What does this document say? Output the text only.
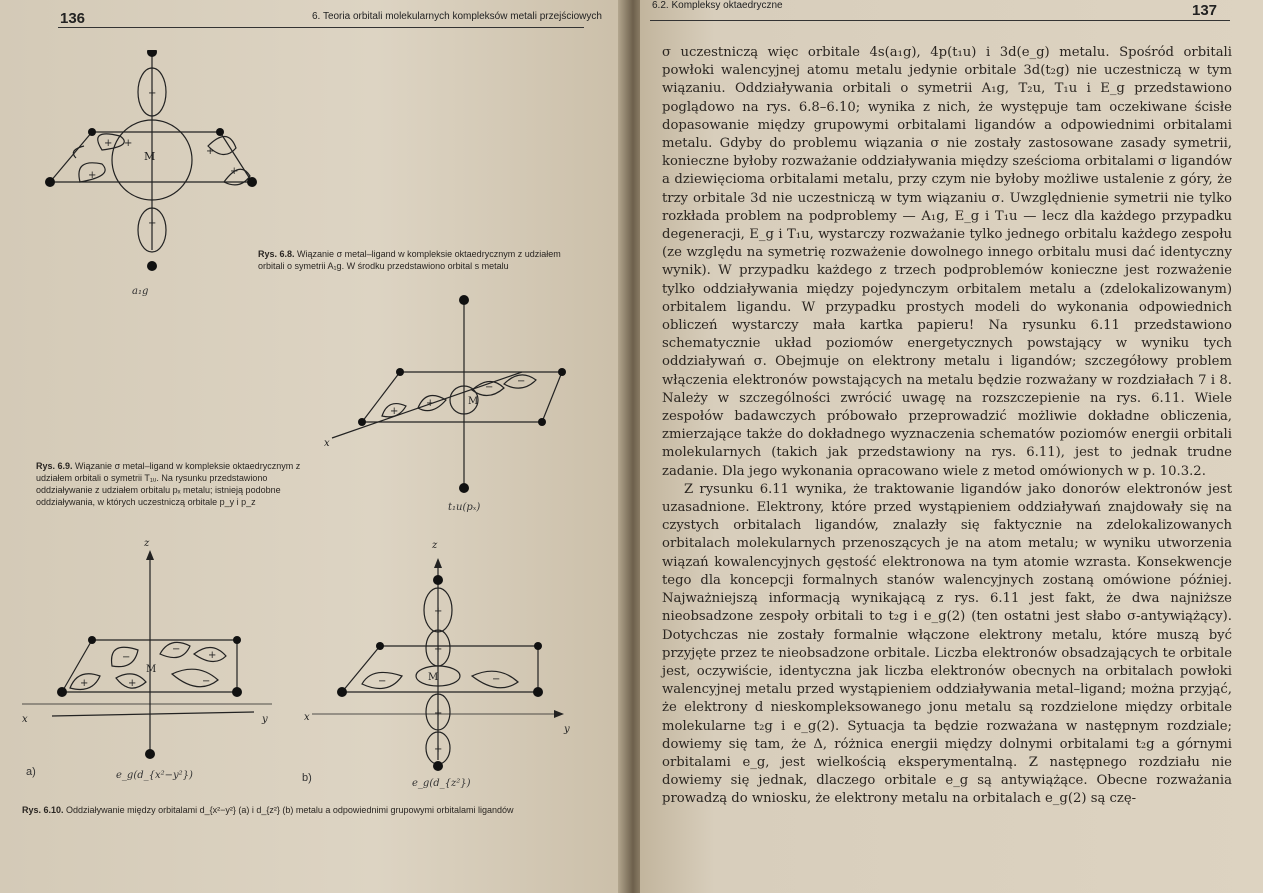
136	6. Teoria orbitali molekularnych kompleksów metali przejściowych
+
+
+
+
+
+	+
M
a₁g
Rys. 6.8. Wiązanie σ metal–ligand w kompleksie oktaedrycznym z udziałem orbitali o symetrii A₁g. W środku przedstawiono orbital s metalu
+
+
−
−
M
x
t₁u(pₓ)
Rys. 6.9. Wiązanie σ metal–ligand w kompleksie oktaedrycznym z udziałem orbitali o symetrii T₁ᵤ. Na rysunku przedstawiono oddziaływanie z udziałem orbitalu pₓ metalu; istnieją podobne oddziaływania, w których uczestniczą orbitale p_y i p_z
−
−
−
+
+
+
M
z
x	y
a)	e_g(d_{x²−y²})
+
+
+
+
−	−
M
z
x
y
b)	e_g(d_{z²})
Rys. 6.10. Oddziaływanie między orbitalami d_{x²−y²} (a) i d_{z²} (b) metalu a odpowiednimi grupowymi orbitalami ligandów
6.2. Kompleksy oktaedryczne	137

σ uczestniczą więc orbitale 4s(a₁g), 4p(t₁u) i 3d(e_g) metalu. Spośród orbitali powłoki walencyjnej atomu metalu jedynie orbitale 3d(t₂g) nie uczestniczą w tym wiązaniu. Oddziaływania orbitali o symetrii A₁g, T₂u, T₁u i E_g przedstawiono poglądowo na rys. 6.8–6.10; wynika z nich, że występuje tam oczekiwane ścisłe dopasowanie między grupowymi orbitalami ligandów a odpowiednimi orbitalami metalu. Gdyby do problemu wiązania σ nie zostały zastosowane zasady symetrii, konieczne byłoby rozważanie oddziaływania między sześcioma orbitalami σ ligandów a dziewięcioma orbitalami metalu, przy czym nie byłoby możliwe ustalenie z góry, że trzy orbitale 3d nie uczestniczą w tym wiązaniu σ. Uwzględnienie symetrii nie tylko rozkłada problem na podproblemy — A₁g, E_g i T₁u — lecz dla każdego przypadku degeneracji, E_g i T₁u, wystarczy rozważanie tylko jednego orbitalu każdego zespołu (ze względu na symetrię rozważenie dowolnego innego orbitalu musi dać identyczny wynik). W przypadku każdego z trzech podproblemów konieczne jest rozważenie tylko oddziaływania między pojedynczym orbitalem metalu a (zdelokalizowanym) orbitalem ligandu. W przypadku prostych modeli do wykonania odpowiednich obliczeń wystarczy mała kartka papieru! Na rysunku 6.11 przedstawiono schematycznie układ poziomów energetycznych powstający w wyniku tych oddziaływań σ. Obejmuje on elektrony metalu i ligandów; szczegółowy problem włączenia elektronów powstających na metalu będzie rozważany w rozdziałach 7 i 8. Należy w szczególności zwrócić uwagę na rozszczepienie na rys. 6.11. Wiele zespołów badawczych próbowało przeprowadzić możliwie dokładne obliczenia, zmierzające także do dokładnego wyznaczenia schematów poziomów energii orbitali molekularnych (takich jak przedstawiony na rys. 6.11), jest to jednak trudne zadanie. Dla jego wykonania opracowano wiele z metod omówionych w p. 10.3.2.

Z rysunku 6.11 wynika, że traktowanie ligandów jako donorów elektronów jest uzasadnione. Elektrony, które przed wystąpieniem oddziaływań znajdowały się na czystych orbitalach ligandów, znalazły się faktycznie na zdelokalizowanych orbitalach molekularnych przenoszących je na atom metalu; w wyniku utworzenia wiązań kowalencyjnych gęstość elektronowa na tym atomie wzrasta. Konsekwencje tego dla koncepcji formalnych stanów walencyjnych zostaną omówione później. Najważniejszą informacją wynikającą z rys. 6.11 jest fakt, że dwa najniższe nieobsadzone zespoły orbitali to t₂g i e_g(2) (ten ostatni jest słabo σ-antywiążący). Dotychczas nie zostały formalnie włączone elektrony metalu, które muszą być przyjęte przez te nieobsadzone orbitale. Liczba elektronów obsadzających te orbitale jest, oczywiście, identyczna jak liczba elektronów obecnych na orbitalach powłoki walencyjnej metalu przed wystąpieniem oddziaływania metal–ligand; można przyjąć, że elektrony d nieskompleksowanego jonu metalu są rozdzielone między orbitale molekularne t₂g i e_g(2). Sytuacja ta będzie rozważana w następnym rozdziale; dowiemy się tam, że Δ, różnica energii między dolnymi orbitalami t₂g a górnymi orbitalami e_g, jest wielkością eksperymentalną. Z następnego rozdziału nie dowiemy się jednak, dlaczego orbitale e_g są antywiążące. Obecne rozważania prowadzą do wniosku, że elektrony metalu na orbitalach e_g(2) są czę-
